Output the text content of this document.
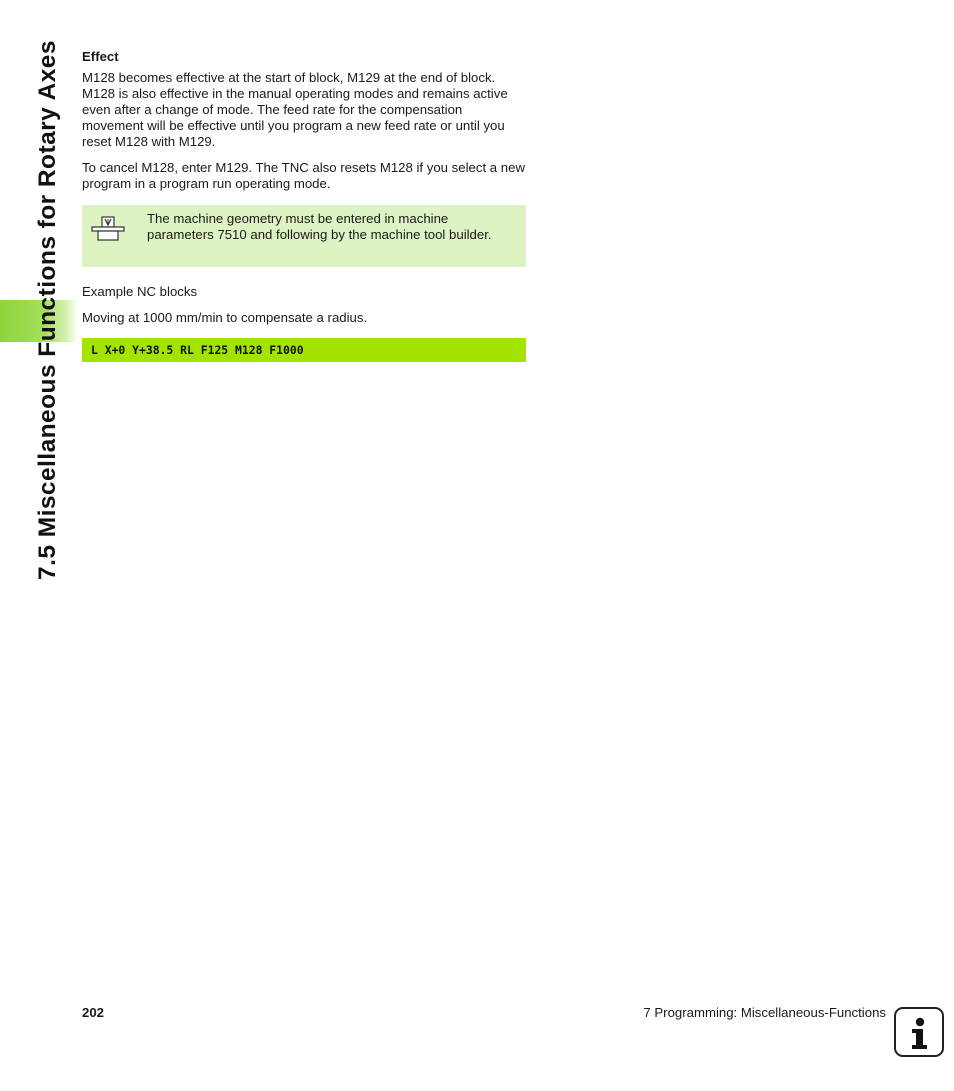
7.5 Miscellaneous Functions for Rotary Axes Effect

M128 becomes effective at the start of block, M129 at the end of block. M128 is also effective in the manual operating modes and remains active even after a change of mode. The feed rate for the compensation movement will be effective until you program a new feed rate or until you reset M128 with M129.

To cancel M128, enter M129. The TNC also resets M128 if you select a new program in a program run operating mode.

The machine geometry must be entered in machine parameters 7510 and following by the machine tool builder.

Example NC blocks

Moving at 1000 mm/min to compensate a radius.

L X+0 Y+38.5 RL F125 M128 F1000
202	7 Programming: Miscellaneous-Functions
